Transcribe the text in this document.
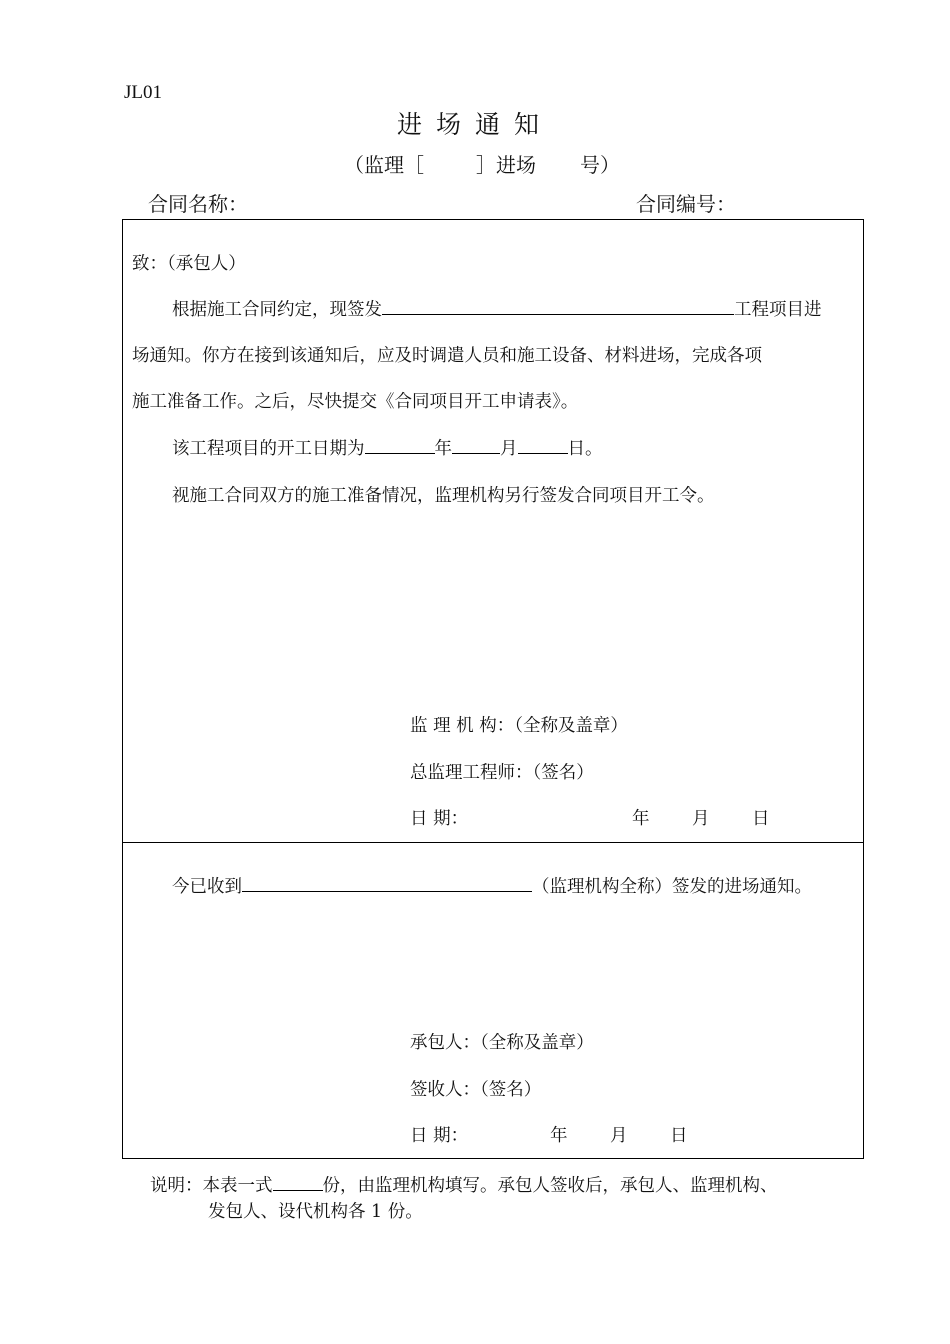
JL01
进场通知
（监理［	］进场 号）
合同名称：	合同编号：
致：（承包人）
根据施工合同约定，现签发	工程项目进
场通知。你方在接到该通知后，应及时调遣人员和施工设备、材料进场，完成各项
施工准备工作。之后，尽快提交《合同项目开工申请表》。
该工程项目的开工日期为	年	月	日。
视施工合同双方的施工准备情况，监理机构另行签发合同项目开工令。
监 理 机 构：（全称及盖章）
总监理工程师：（签名）
日 期：	年 月 日
今已收到	（监理机构全称）签发的进场通知。
承包人：（全称及盖章）
签收人：（签名）
日 期：	年 月 日
说明：本表一式	份，由监理机构填写。承包人签收后，承包人、监理机构、
发包人、设代机构各 1 份。
